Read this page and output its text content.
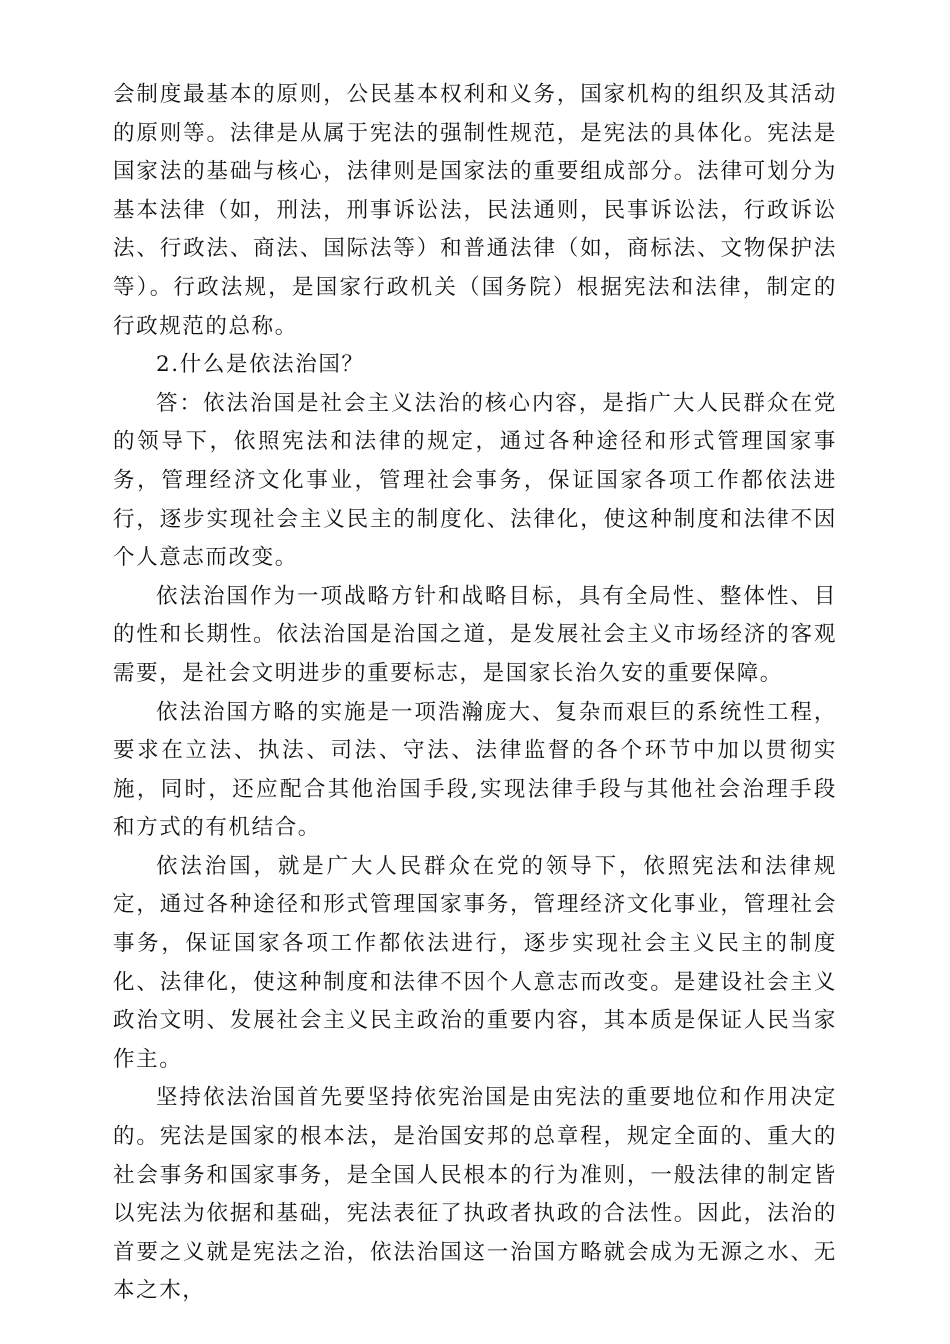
会制度最基本的原则，公民基本权利和义务，国家机构的组织及其活动的原则等。法律是从属于宪法的强制性规范，是宪法的具体化。宪法是国家法的基础与核心，法律则是国家法的重要组成部分。法律可划分为基本法律（如，刑法，刑事诉讼法，民法通则，民事诉讼法，行政诉讼法、行政法、商法、国际法等）和普通法律（如，商标法、文物保护法等）。行政法规，是国家行政机关（国务院）根据宪法和法律，制定的行政规范的总称。

2.什么是依法治国？

答：依法治国是社会主义法治的核心内容，是指广大人民群众在党的领导下，依照宪法和法律的规定，通过各种途径和形式管理国家事务，管理经济文化事业，管理社会事务，保证国家各项工作都依法进行，逐步实现社会主义民主的制度化、法律化，使这种制度和法律不因个人意志而改变。

依法治国作为一项战略方针和战略目标，具有全局性、整体性、目的性和长期性。依法治国是治国之道，是发展社会主义市场经济的客观需要，是社会文明进步的重要标志，是国家长治久安的重要保障。

依法治国方略的实施是一项浩瀚庞大、复杂而艰巨的系统性工程，要求在立法、执法、司法、守法、法律监督的各个环节中加以贯彻实施，同时，还应配合其他治国手段,实现法律手段与其他社会治理手段和方式的有机结合。

依法治国，就是广大人民群众在党的领导下，依照宪法和法律规定，通过各种途径和形式管理国家事务，管理经济文化事业，管理社会事务，保证国家各项工作都依法进行，逐步实现社会主义民主的制度化、法律化，使这种制度和法律不因个人意志而改变。是建设社会主义政治文明、发展社会主义民主政治的重要内容，其本质是保证人民当家作主。

坚持依法治国首先要坚持依宪治国是由宪法的重要地位和作用决定的。宪法是国家的根本法，是治国安邦的总章程，规定全面的、重大的社会事务和国家事务，是全国人民根本的行为准则，一般法律的制定皆以宪法为依据和基础，宪法表征了执政者执政的合法性。因此，法治的首要之义就是宪法之治，依法治国这一治国方略就会成为无源之水、无本之木，
